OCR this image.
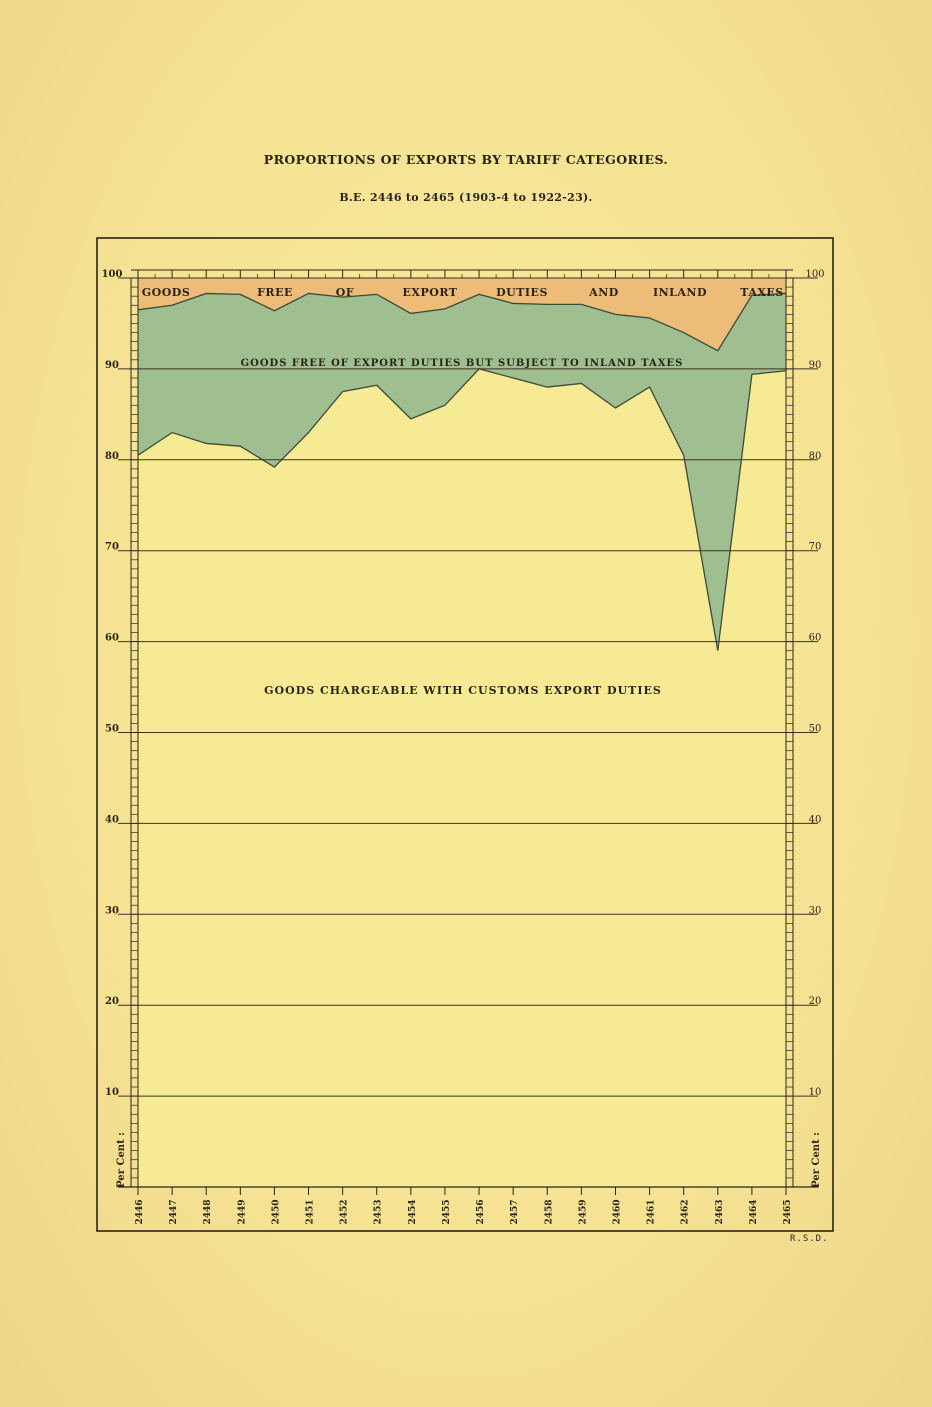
PROPORTIONS OF EXPORTS BY TARIFF CATEGORIES.
B.E. 2446 to 2465 (1903-4 to 1922-23).
10	10
20	20
30	30
40	40
50	50
60	60
70	70
80	80
90	90
100	100
2446	2447	2448	2449	2450	2451	2452	2453	2454	2455	2456	2457	2458	2459	2460	2461	2462	2463	2464	2465
Per Cent :	Per Cent :
GOODS	FREE	OF	EXPORT	DUTIES	AND	INLAND	TAXES
GOODS FREE OF EXPORT DUTIES BUT SUBJECT TO INLAND TAXES
GOODS CHARGEABLE WITH CUSTOMS EXPORT DUTIES
R.S.D.
